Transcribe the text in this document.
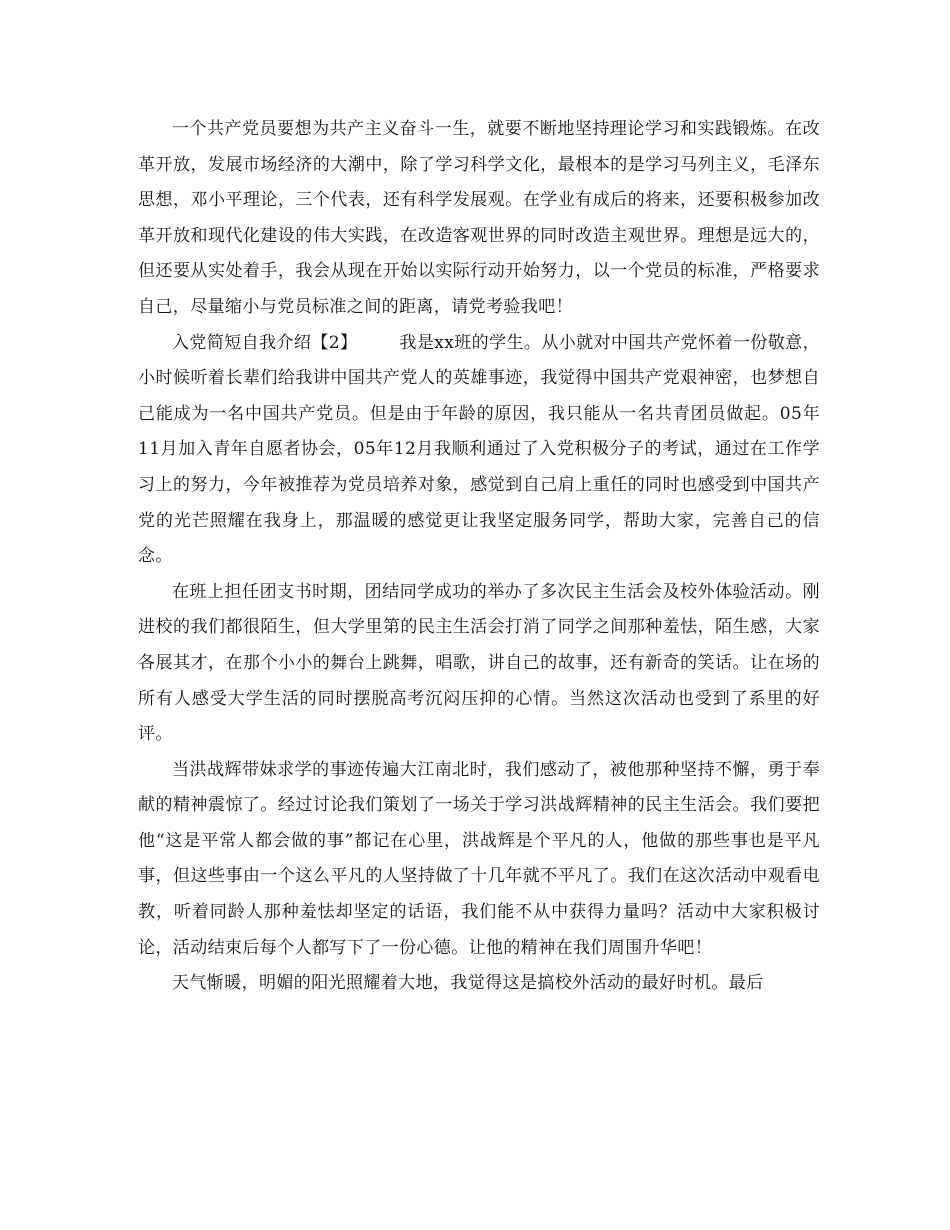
一个共产党员要想为共产主义奋斗一生，就要不断地坚持理论学习和实践锻炼。在改革开放，发展市场经济的大潮中，除了学习科学文化，最根本的是学习马列主义，毛泽东思想，邓小平理论，三个代表，还有科学发展观。在学业有成后的将来，还要积极参加改革开放和现代化建设的伟大实践，在改造客观世界的同时改造主观世界。理想是远大的，但还要从实处着手，我会从现在开始以实际行动开始努力，以一个党员的标准，严格要求自己，尽量缩小与党员标准之间的距离，请党考验我吧！

入党简短自我介绍【2】 我是xx班的学生。从小就对中国共产党怀着一份敬意，小时候听着长辈们给我讲中国共产党人的英雄事迹，我觉得中国共产党艰神密，也梦想自己能成为一名中国共产党员。但是由于年龄的原因，我只能从一名共青团员做起。05年11月加入青年自愿者协会，05年12月我顺利通过了入党积极分子的考试，通过在工作学习上的努力，今年被推荐为党员培养对象，感觉到自己肩上重任的同时也感受到中国共产党的光芒照耀在我身上，那温暖的感觉更让我坚定服务同学，帮助大家，完善自己的信念。

在班上担任团支书时期，团结同学成功的举办了多次民主生活会及校外体验活动。刚进校的我们都很陌生，但大学里第的民主生活会打消了同学之间那种羞怯，陌生感，大家各展其才，在那个小小的舞台上跳舞，唱歌，讲自己的故事，还有新奇的笑话。让在场的所有人感受大学生活的同时摆脱高考沉闷压抑的心情。当然这次活动也受到了系里的好评。

当洪战辉带妹求学的事迹传遍大江南北时，我们感动了，被他那种坚持不懈，勇于奉献的精神震惊了。经过讨论我们策划了一场关于学习洪战辉精神的民主生活会。我们要把他“这是平常人都会做的事”都记在心里，洪战辉是个平凡的人，他做的那些事也是平凡事，但这些事由一个这么平凡的人坚持做了十几年就不平凡了。我们在这次活动中观看电教，听着同龄人那种羞怯却坚定的话语，我们能不从中获得力量吗？活动中大家积极讨论，活动结束后每个人都写下了一份心德。让他的精神在我们周围升华吧！

天气惭暖，明媚的阳光照耀着大地，我觉得这是搞校外活动的最好时机。最后
